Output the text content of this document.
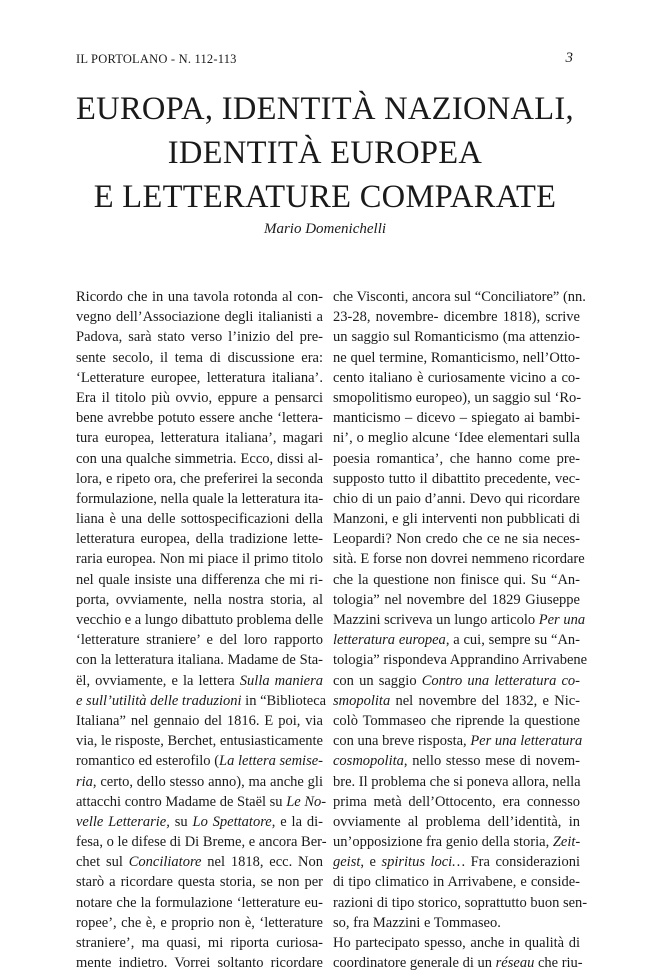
IL PORTOLANO - N. 112-113	3
EUROPA, IDENTITÀ NAZIONALI,
IDENTITÀ EUROPEA
E LETTERATURE COMPARATE
Mario Domenichelli
Ricordo che in una tavola rotonda al con-
vegno dell’Associazione degli italianisti a
Padova, sarà stato verso l’inizio del pre-
sente secolo, il tema di discussione era:
‘Letterature europee, letteratura italiana’.
Era il titolo più ovvio, eppure a pensarci
bene avrebbe potuto essere anche ‘lettera-
tura europea, letteratura italiana’, magari
con una qualche simmetria. Ecco, dissi al-
lora, e ripeto ora, che preferirei la seconda
formulazione, nella quale la letteratura ita-
liana è una delle sottospecificazioni della
letteratura europea, della tradizione lette-
raria europea. Non mi piace il primo titolo
nel quale insiste una differenza che mi ri-
porta, ovviamente, nella nostra storia, al
vecchio e a lungo dibattuto problema delle
‘letterature straniere’ e del loro rapporto
con la letteratura italiana. Madame de Sta-
ël, ovviamente, e la lettera Sulla maniera
e sull’utilità delle traduzioni in “Biblioteca
Italiana” nel gennaio del 1816. E poi, via
via, le risposte, Berchet, entusiasticamente
romantico ed esterofilo (La lettera semise-
ria, certo, dello stesso anno), ma anche gli
attacchi contro Madame de Staël su Le No-
velle Letterarie, su Lo Spettatore, e la di-
fesa, o le difese di Di Breme, e ancora Ber-
chet sul Conciliatore nel 1818, ecc. Non
starò a ricordare questa storia, se non per
notare che la formulazione ‘letterature eu-
ropee’, che è, e proprio non è, ‘letterature
straniere’, ma quasi, mi riporta curiosa-
mente indietro. Vorrei soltanto ricordare
che Visconti, ancora sul “Conciliatore” (nn.
23-28, novembre- dicembre 1818), scrive
un saggio sul Romanticismo (ma attenzio-
ne quel termine, Romanticismo, nell’Otto-
cento italiano è curiosamente vicino a co-
smopolitismo europeo), un saggio sul ‘Ro-
manticismo – dicevo – spiegato ai bambi-
ni’, o meglio alcune ‘Idee elementari sulla
poesia romantica’, che hanno come pre-
supposto tutto il dibattito precedente, vec-
chio di un paio d’anni. Devo qui ricordare
Manzoni, e gli interventi non pubblicati di
Leopardi? Non credo che ce ne sia neces-
sità. E forse non dovrei nemmeno ricordare
che la questione non finisce qui. Su “An-
tologia” nel novembre del 1829 Giuseppe
Mazzini scriveva un lungo articolo Per una
letteratura europea, a cui, sempre su “An-
tologia” rispondeva Apprandino Arrivabene
con un saggio Contro una letteratura co-
smopolita nel novembre del 1832, e Nic-
colò Tommaseo che riprende la questione
con una breve risposta, Per una letteratura
cosmopolita, nello stesso mese di novem-
bre. Il problema che si poneva allora, nella
prima metà dell’Ottocento, era connesso
ovviamente al problema dell’identità, in
un’opposizione fra genio della storia, Zeit-
geist, e spiritus loci… Fra considerazioni
di tipo climatico in Arrivabene, e conside-
razioni di tipo storico, soprattutto buon sen-
so, fra Mazzini e Tommaseo.
Ho partecipato spesso, anche in qualità di
coordinatore generale di un réseau che riu-
